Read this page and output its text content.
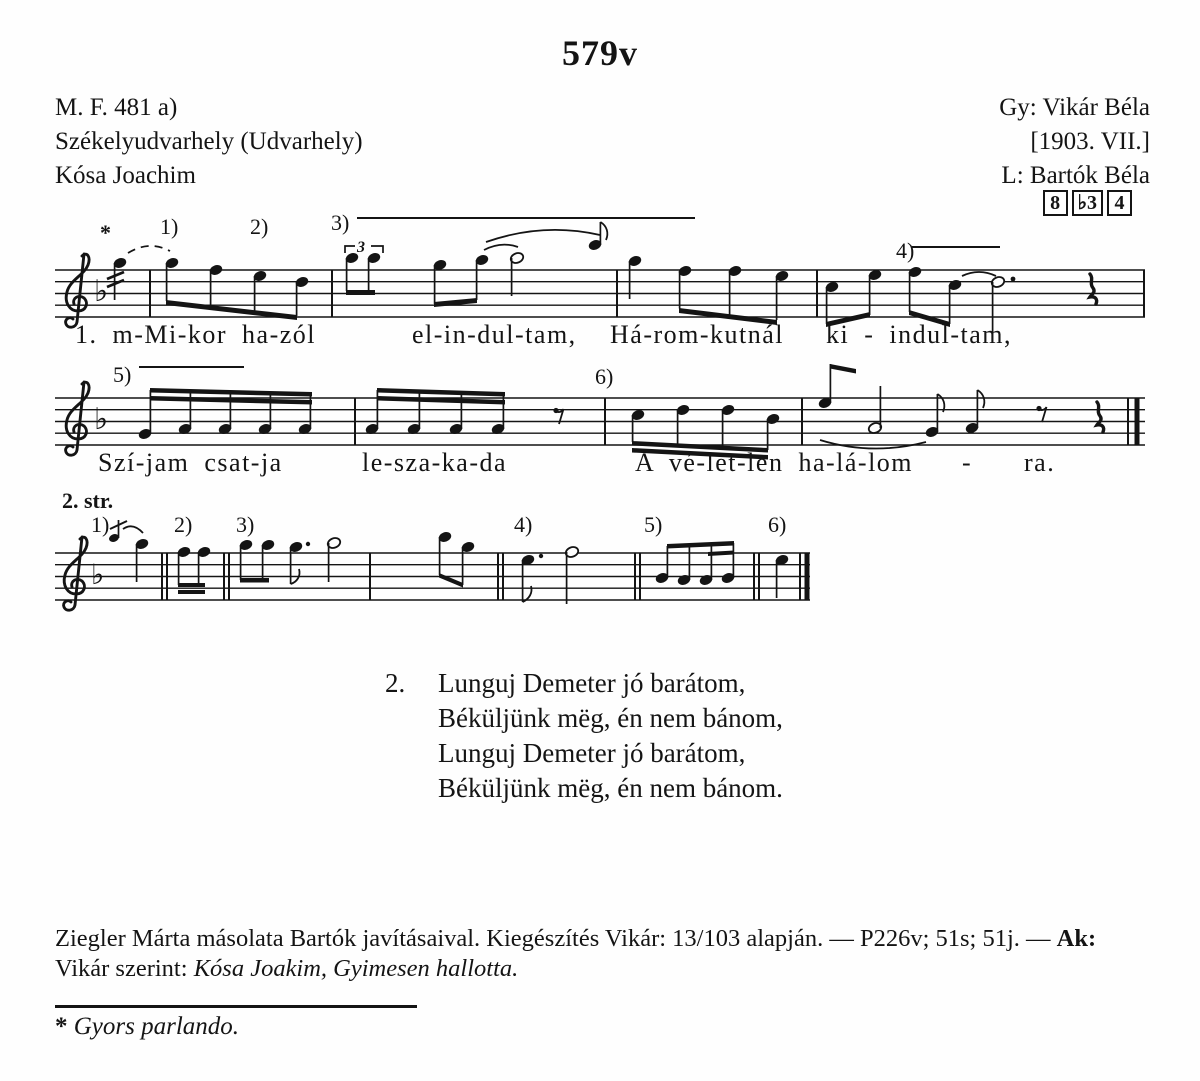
579v
M. F. 481 a)
Székelyudvarhely (Udvarhely)
Kósa Joachim
Gy: Vikár Béla
[1903. VII.]
L: Bartók Béla
8 ♭3 4
* 1)	2)	3)
4)
♭
3
1. m-Mi-kor ha-zól	el-in-dul-tam, Há-rom-kutnál ki - indul-tam,
5)	6)
♭
Szí-jam csat-ja	le-sza-ka-da	A vé-let-len ha-lá-lom - ra.
2. str.
1)	2) 3)	4)	5)	6)
♭
2. Lunguj Demeter jó barátom,
Béküljünk mëg, én nem bánom,
Lunguj Demeter jó barátom,
Béküljünk mëg, én nem bánom.
Ziegler Márta másolata Bartók javításaival. Kiegészítés Vikár: 13/103 alapján. — P226v; 51s; 51j. — Ak: Vikár szerint: Kósa Joakim, Gyimesen hallotta.
* Gyors parlando.
